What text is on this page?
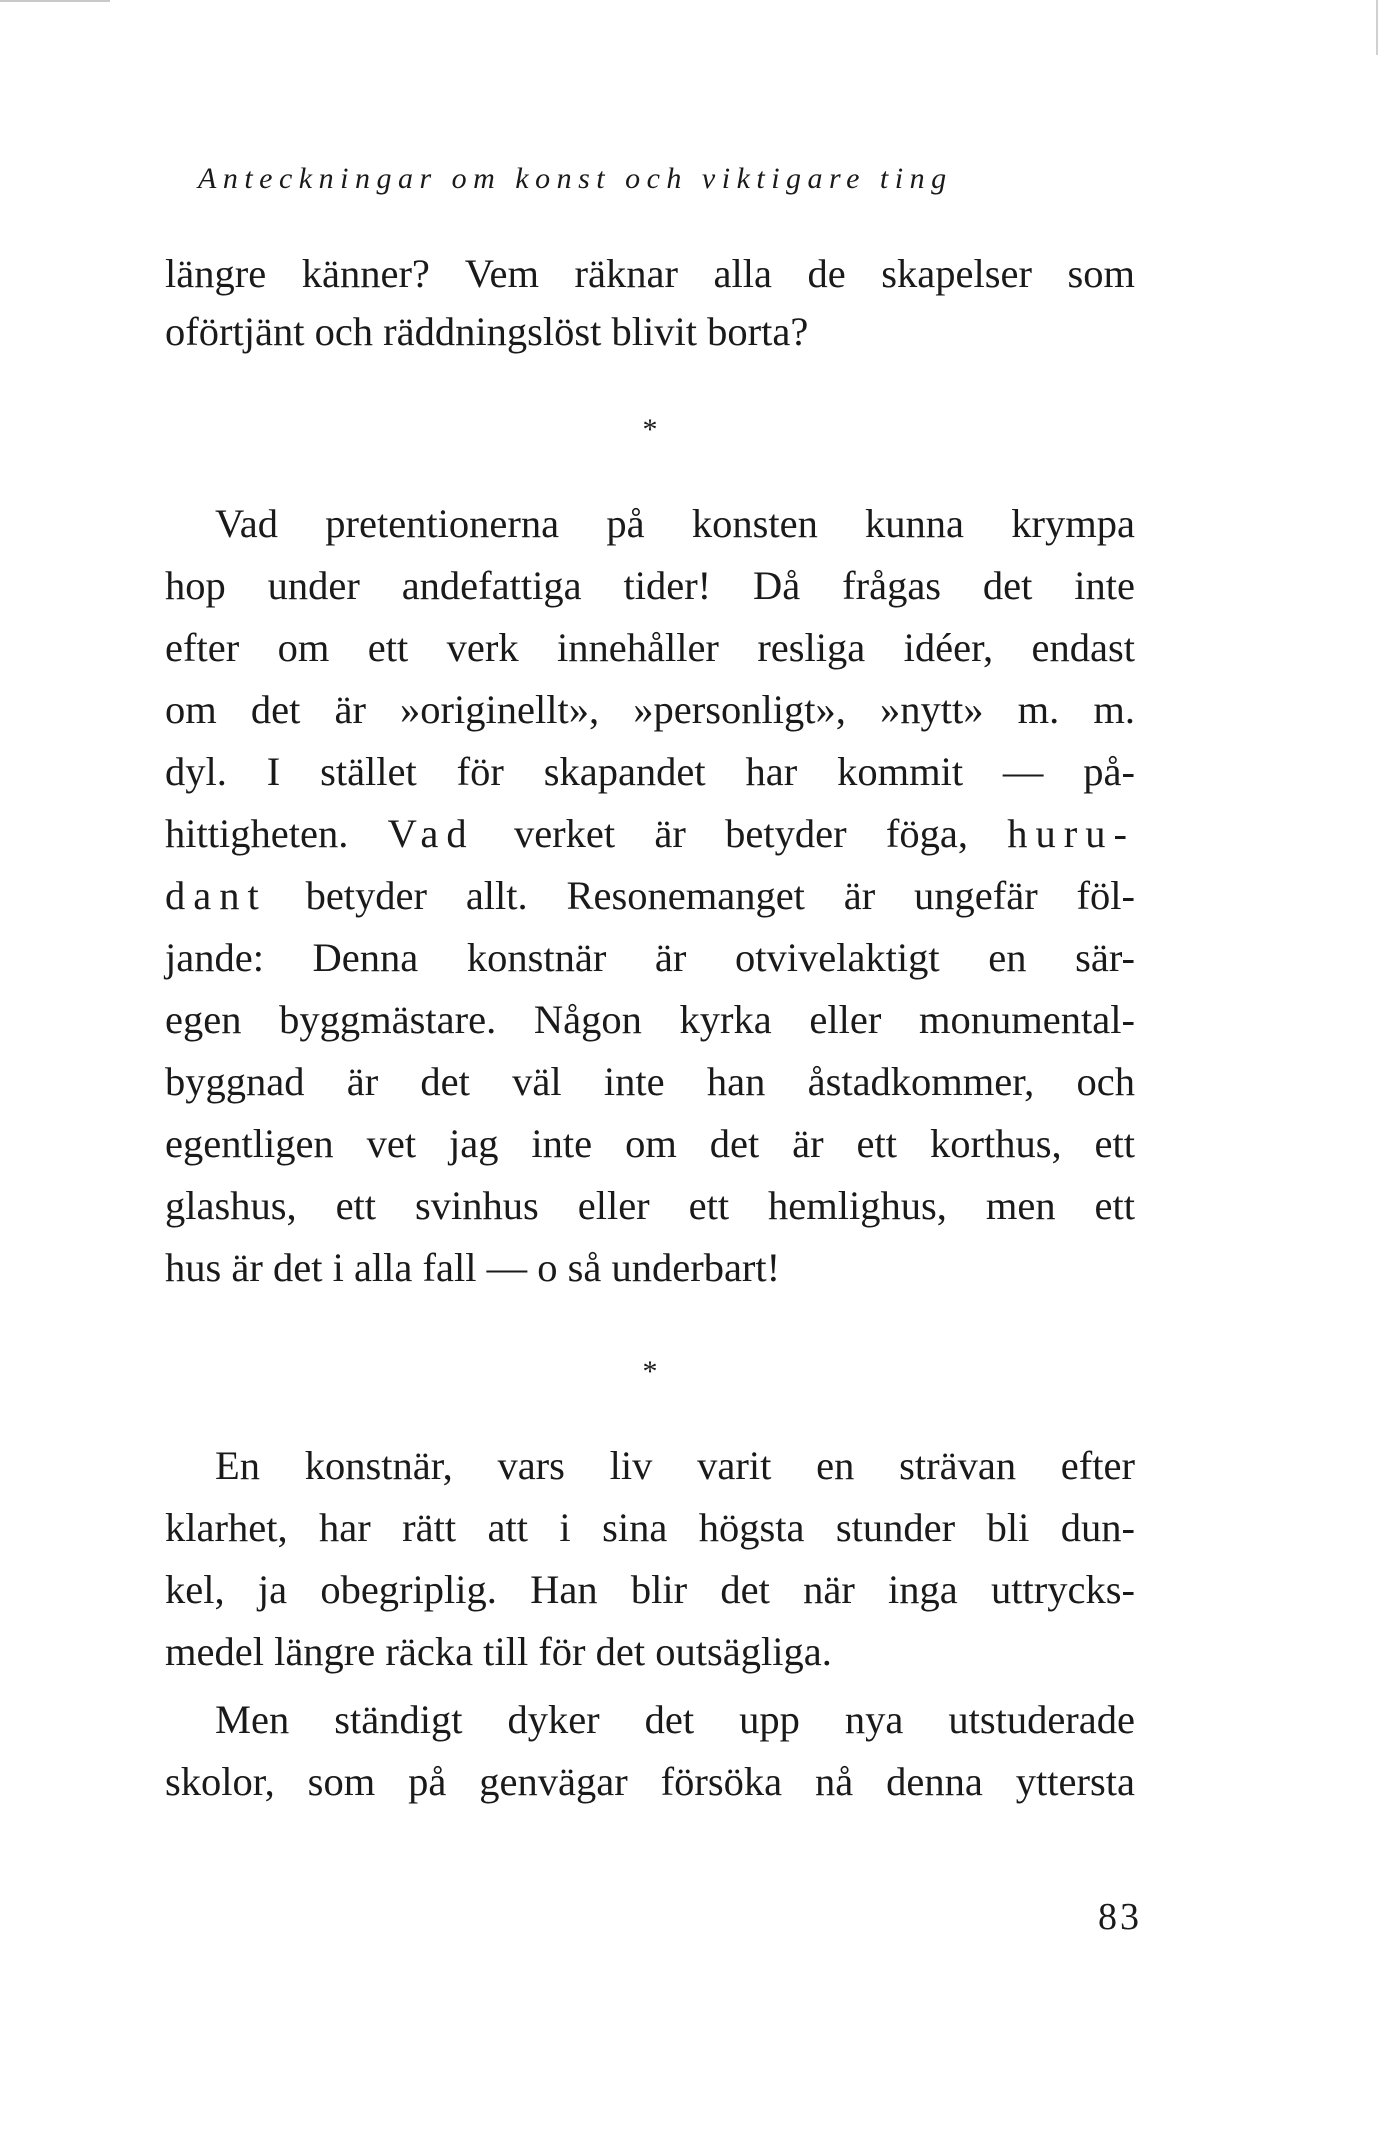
Anteckningar om konst och viktigare ting
längre känner? Vem räknar alla de skapelser som
oförtjänt och räddningslöst blivit borta?
*
Vad pretentionerna på konsten kunna krympa
hop under andefattiga tider! Då frågas det inte
efter om ett verk innehåller resliga idéer, endast
om det är »originellt», »personligt», »nytt» m. m.
dyl. I stället för skapandet har kommit — på-
hittigheten. Vad verket är betyder föga, huru-
dant betyder allt. Resonemanget är ungefär föl-
jande: Denna konstnär är otvivelaktigt en sär-
egen byggmästare. Någon kyrka eller monumental-
byggnad är det väl inte han åstadkommer, och
egentligen vet jag inte om det är ett korthus, ett
glashus, ett svinhus eller ett hemlighus, men ett
hus är det i alla fall — o så underbart!
*
En konstnär, vars liv varit en strävan efter
klarhet, har rätt att i sina högsta stunder bli dun-
kel, ja obegriplig. Han blir det när inga uttrycks-
medel längre räcka till för det outsägliga.
Men ständigt dyker det upp nya utstuderade
skolor, som på genvägar försöka nå denna yttersta
83
